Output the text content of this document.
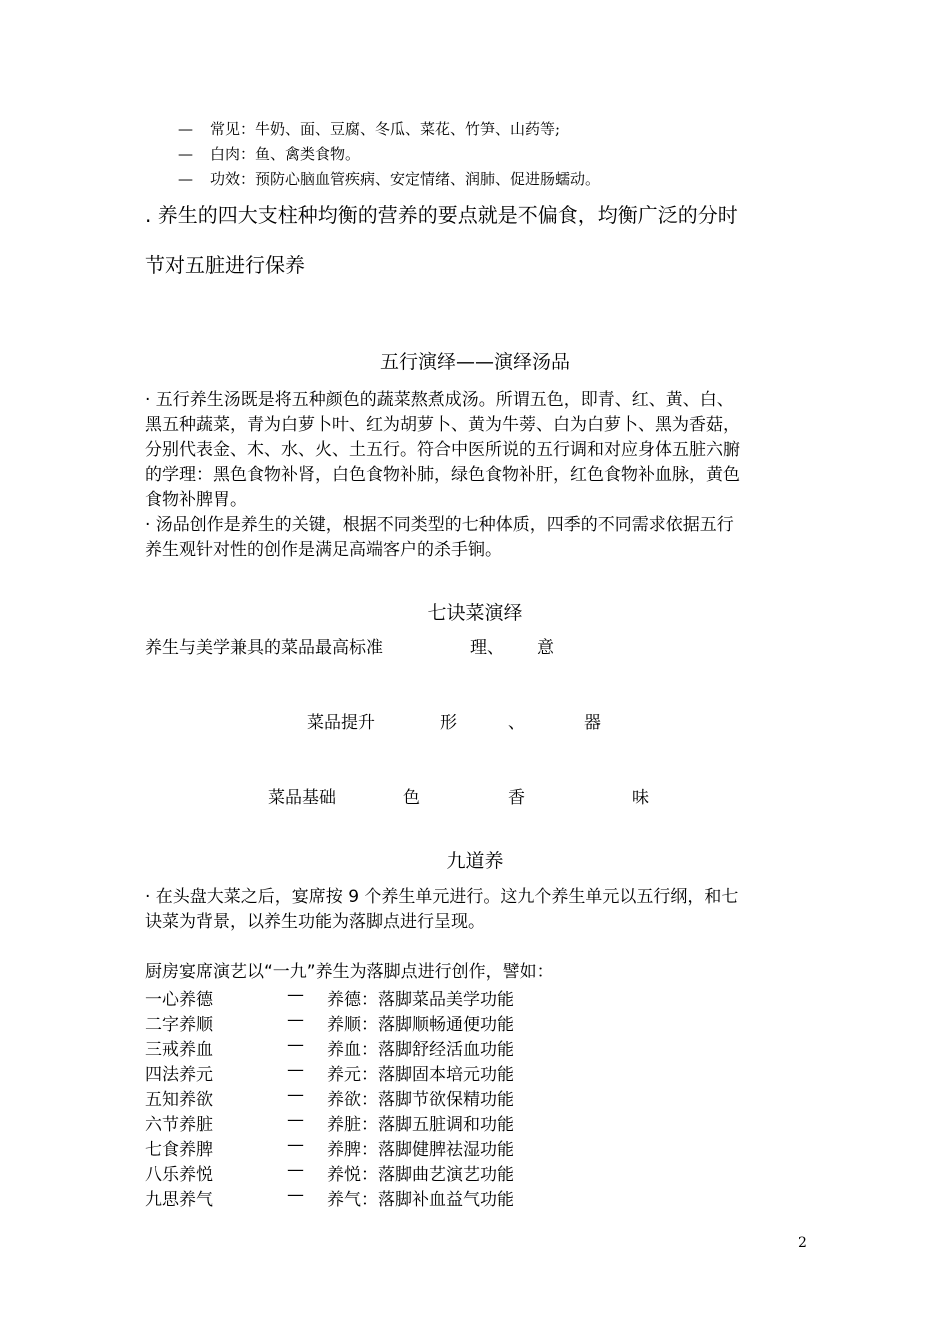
— 常见：牛奶、面、豆腐、冬瓜、菜花、竹笋、山药等;
— 白肉：鱼、禽类食物。
— 功效：预防心脑血管疾病、安定情绪、润肺、促进肠蠕动。
. 养生的四大支柱种均衡的营养的要点就是不偏食，均衡广泛的分时
节对五脏进行保养
五行演绎——演绎汤品
· 五行养生汤既是将五种颜色的蔬菜熬煮成汤。所谓五色，即青、红、黄、白、
黑五种蔬菜，青为白萝卜叶、红为胡萝卜、黄为牛蒡、白为白萝卜、黑为香菇，
分别代表金、木、水、火、土五行。符合中医所说的五行调和对应身体五脏六腑
的学理：黑色食物补肾，白色食物补肺，绿色食物补肝，红色食物补血脉，黄色
食物补脾胃。
· 汤品创作是养生的关键，根据不同类型的七种体质，四季的不同需求依据五行
养生观针对性的创作是满足高端客户的杀手锏。
七诀菜演绎
养生与美学兼具的菜品最高标准	理、 意
菜品提升	形	、	器
菜品基础	色	香	味
九道养
· 在头盘大菜之后，宴席按 9 个养生单元进行。这九个养生单元以五行纲，和七
诀菜为背景，以养生功能为落脚点进行呈现。
厨房宴席演艺以“一九”养生为落脚点进行创作，譬如：
一心养德	— 养德：落脚菜品美学功能
二字养顺	— 养顺：落脚顺畅通便功能
三戒养血	— 养血：落脚舒经活血功能
四法养元	— 养元：落脚固本培元功能
五知养欲	— 养欲：落脚节欲保精功能
六节养脏	— 养脏：落脚五脏调和功能
七食养脾	— 养脾：落脚健脾祛湿功能
八乐养悦	— 养悦：落脚曲艺演艺功能
九思养气	— 养气：落脚补血益气功能
2
